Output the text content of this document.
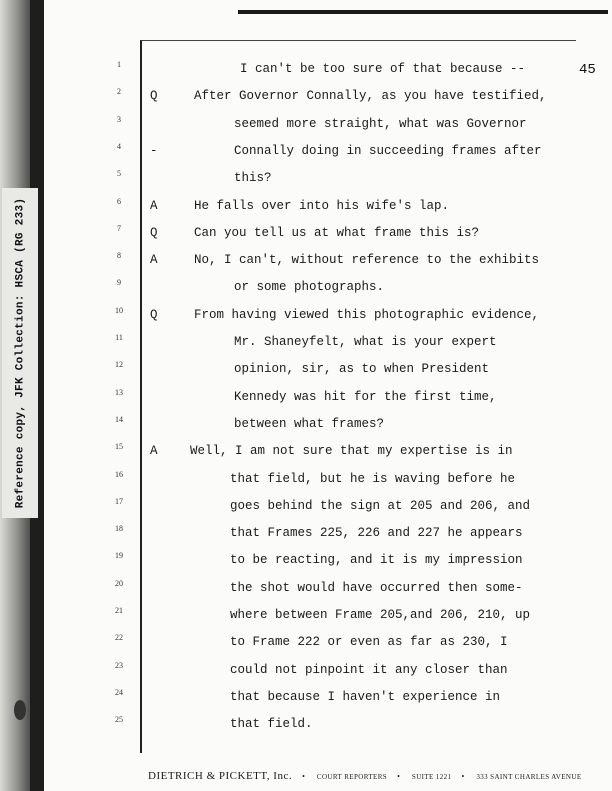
Reference copy, JFK Collection: HSCA (RG 233)
45
1	I can't be too sure of that because --
2	Q	After Governor Connally, as you have testified,
3	seemed more straight, what was Governor
4	-	Connally doing in succeeding frames after
5	this?
6	A	He falls over into his wife's lap.
7	Q	Can you tell us at what frame this is?
8	A	No, I can't, without reference to the exhibits
9	or some photographs.
10	Q	From having viewed this photographic evidence,
11	Mr. Shaneyfelt, what is your expert
12	opinion, sir, as to when President
13	Kennedy was hit for the first time,
14	between what frames?
15	A	Well, I am not sure that my expertise is in
16	that field, but he is waving before he
17	goes behind the sign at 205 and 206, and
18	that Frames 225, 226 and 227 he appears
19	to be reacting, and it is my impression
20	the shot would have occurred then some-
21	where between Frame 205,and 206, 210, up
22	to Frame 222 or even as far as 230, I
23	could not pinpoint it any closer than
24	that because I haven't experience in
25	that field.
DIETRICH & PICKETT, Inc. • COURT REPORTERS • SUITE 1221 • 333 SAINT CHARLES AVENUE
